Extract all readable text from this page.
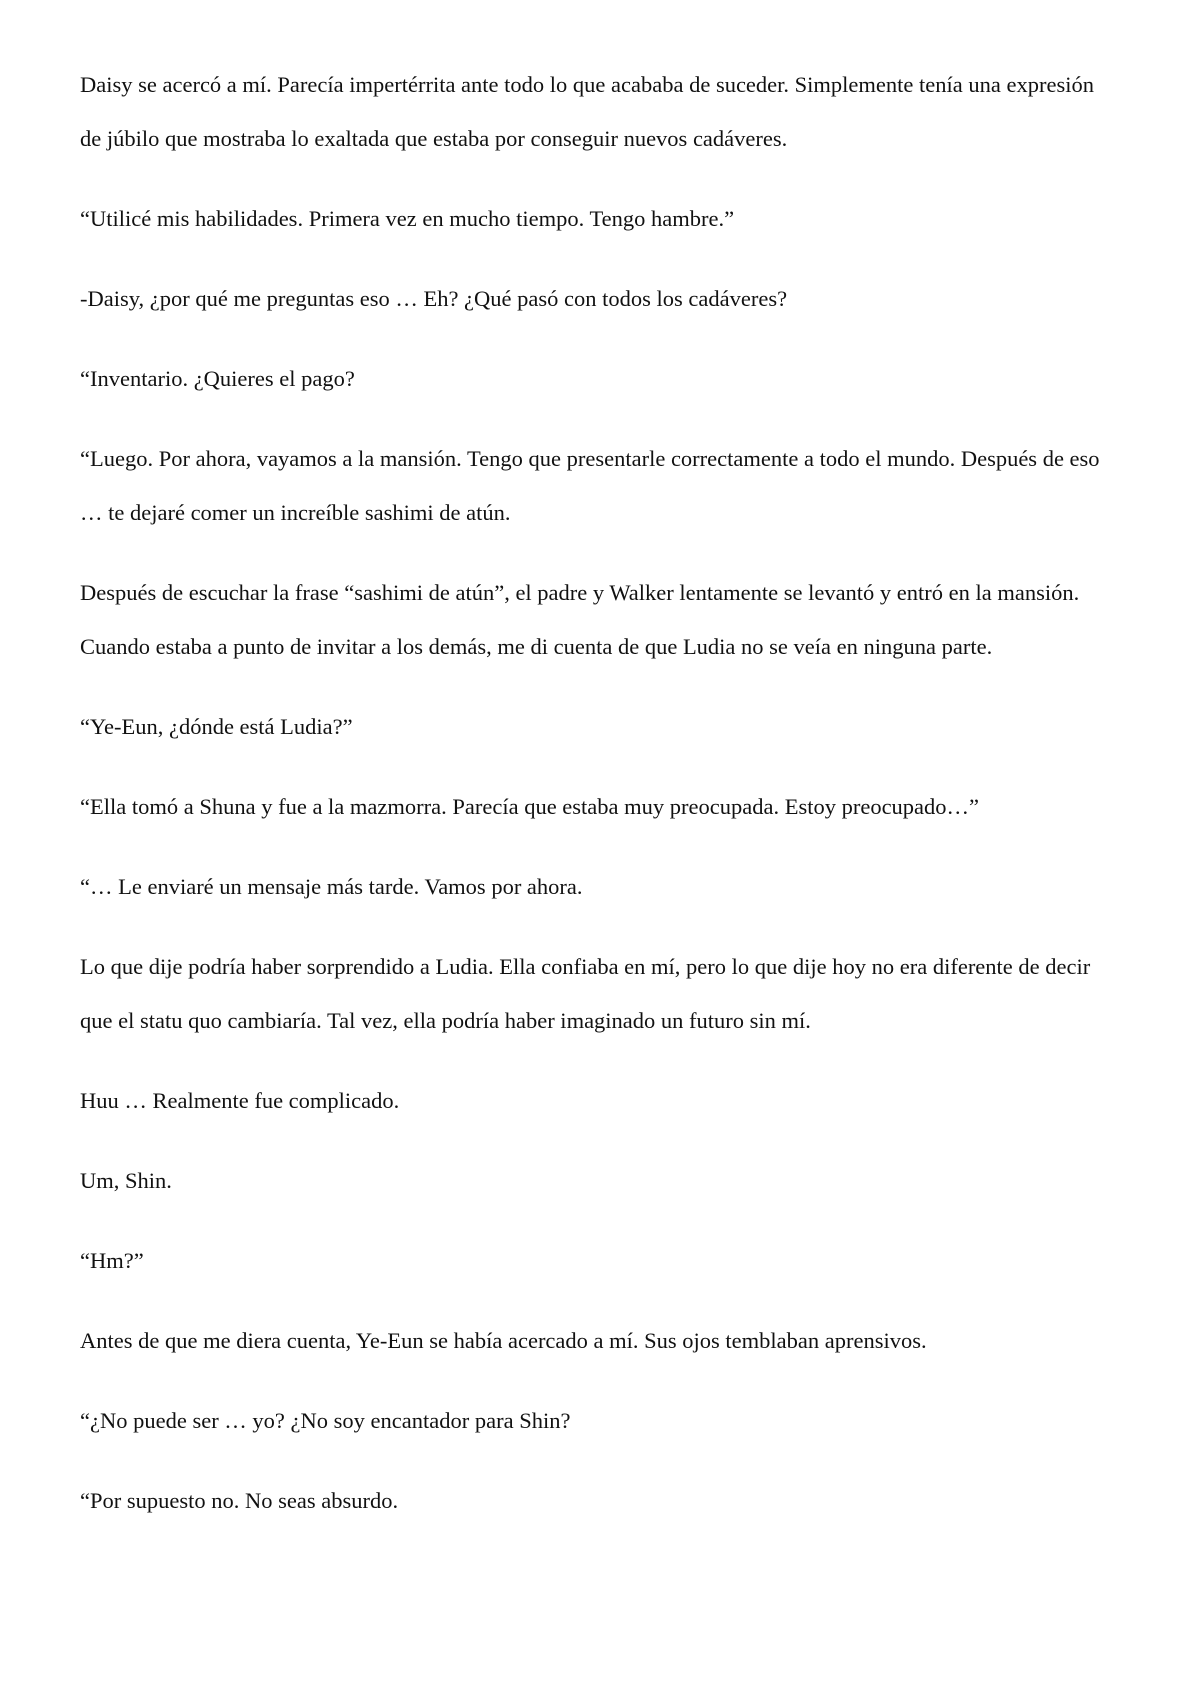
Daisy se acercó a mí. Parecía impertérrita ante todo lo que acababa de suceder. Simplemente tenía una expresión de júbilo que mostraba lo exaltada que estaba por conseguir nuevos cadáveres.

“Utilicé mis habilidades. Primera vez en mucho tiempo. Tengo hambre.”

-Daisy, ¿por qué me preguntas eso … Eh? ¿Qué pasó con todos los cadáveres?

“Inventario. ¿Quieres el pago?

“Luego. Por ahora, vayamos a la mansión. Tengo que presentarle correctamente a todo el mundo. Después de eso … te dejaré comer un increíble sashimi de atún.

Después de escuchar la frase “sashimi de atún”, el padre y Walker lentamente se levantó y entró en la mansión. Cuando estaba a punto de invitar a los demás, me di cuenta de que Ludia no se veía en ninguna parte.

“Ye-Eun, ¿dónde está Ludia?”

“Ella tomó a Shuna y fue a la mazmorra. Parecía que estaba muy preocupada. Estoy preocupado…”

“… Le enviaré un mensaje más tarde. Vamos por ahora.

Lo que dije podría haber sorprendido a Ludia. Ella confiaba en mí, pero lo que dije hoy no era diferente de decir que el statu quo cambiaría. Tal vez, ella podría haber imaginado un futuro sin mí.

Huu … Realmente fue complicado.

Um, Shin.

“Hm?”

Antes de que me diera cuenta, Ye-Eun se había acercado a mí. Sus ojos temblaban aprensivos.

“¿No puede ser … yo? ¿No soy encantador para Shin?

“Por supuesto no. No seas absurdo.
